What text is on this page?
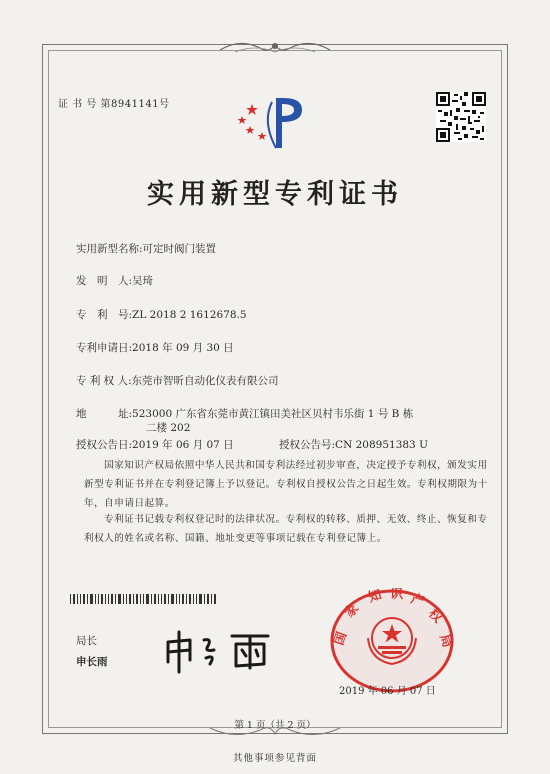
证 书 号 第8941141号
实用新型专利证书
实用新型名称:可定时阀门装置
发　明　人:吴琦
专　利　号:ZL 2018 2 1612678.5
专利申请日:2018 年 09 月 30 日
专 利 权 人:东莞市智昕自动化仪表有限公司
地　　　址:523000 广东省东莞市黄江镇田美社区贝村韦乐街 1 号 B 栋
二楼 202
授权公告日:2019 年 06 月 07 日	授权公告号:CN 208951383 U
国家知识产权局依照中华人民共和国专利法经过初步审查，决定授予专利权，颁发实用新型专利证书并在专利登记簿上予以登记。专利权自授权公告之日起生效。专利权期限为十年，自申请日起算。
专利证书记载专利权登记时的法律状况。专利权的转移、质押、无效、终止、恢复和专利权人的姓名或名称、国籍、地址变更等事项记载在专利登记簿上。
局长
申长雨
国
家
知 识 产
权
局
2019 年 06 月 07 日
第 1 页（共 2 页）
其他事项参见背面
